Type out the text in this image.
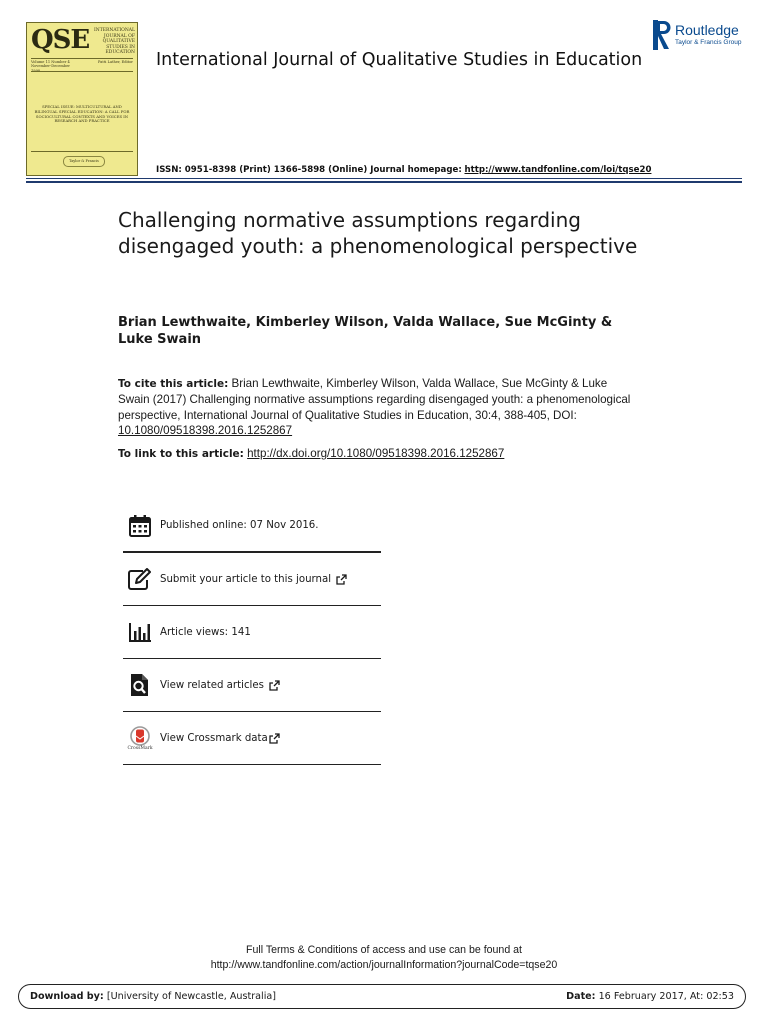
QSE	INTERNATIONAL JOURNAL OF QUALITATIVE STUDIES IN EDUCATION
Volume 11 Number 4 November-December
Patti Lather, Editor
SPECIAL ISSUE: MULTICULTURAL AND BILINGUAL SPECIAL EDUCATION: A CALL FOR SOCIOCULTURAL CONTEXTS AND VOICES IN RESEARCH AND PRACTICE
Taylor & Francis
International Journal of Qualitative Studies in Education
Routledge
Taylor & Francis Group
ISSN: 0951-8398 (Print) 1366-5898 (Online) Journal homepage: http://www.tandfonline.com/loi/tqse20
Challenging normative assumptions regarding disengaged youth: a phenomenological perspective
Brian Lewthwaite, Kimberley Wilson, Valda Wallace, Sue McGinty & Luke Swain
To cite this article: Brian Lewthwaite, Kimberley Wilson, Valda Wallace, Sue McGinty & Luke Swain (2017) Challenging normative assumptions regarding disengaged youth: a phenomenological perspective, International Journal of Qualitative Studies in Education, 30:4, 388-405, DOI: 10.1080/09518398.2016.1252867
To link to this article: http://dx.doi.org/10.1080/09518398.2016.1252867
Published online: 07 Nov 2016.
Submit your article to this journal
Article views: 141
View related articles
CrossMark
View Crossmark data
Full Terms & Conditions of access and use can be found at
http://www.tandfonline.com/action/journalInformation?journalCode=tqse20
Download by: [University of Newcastle, Australia]	Date: 16 February 2017, At: 02:53
